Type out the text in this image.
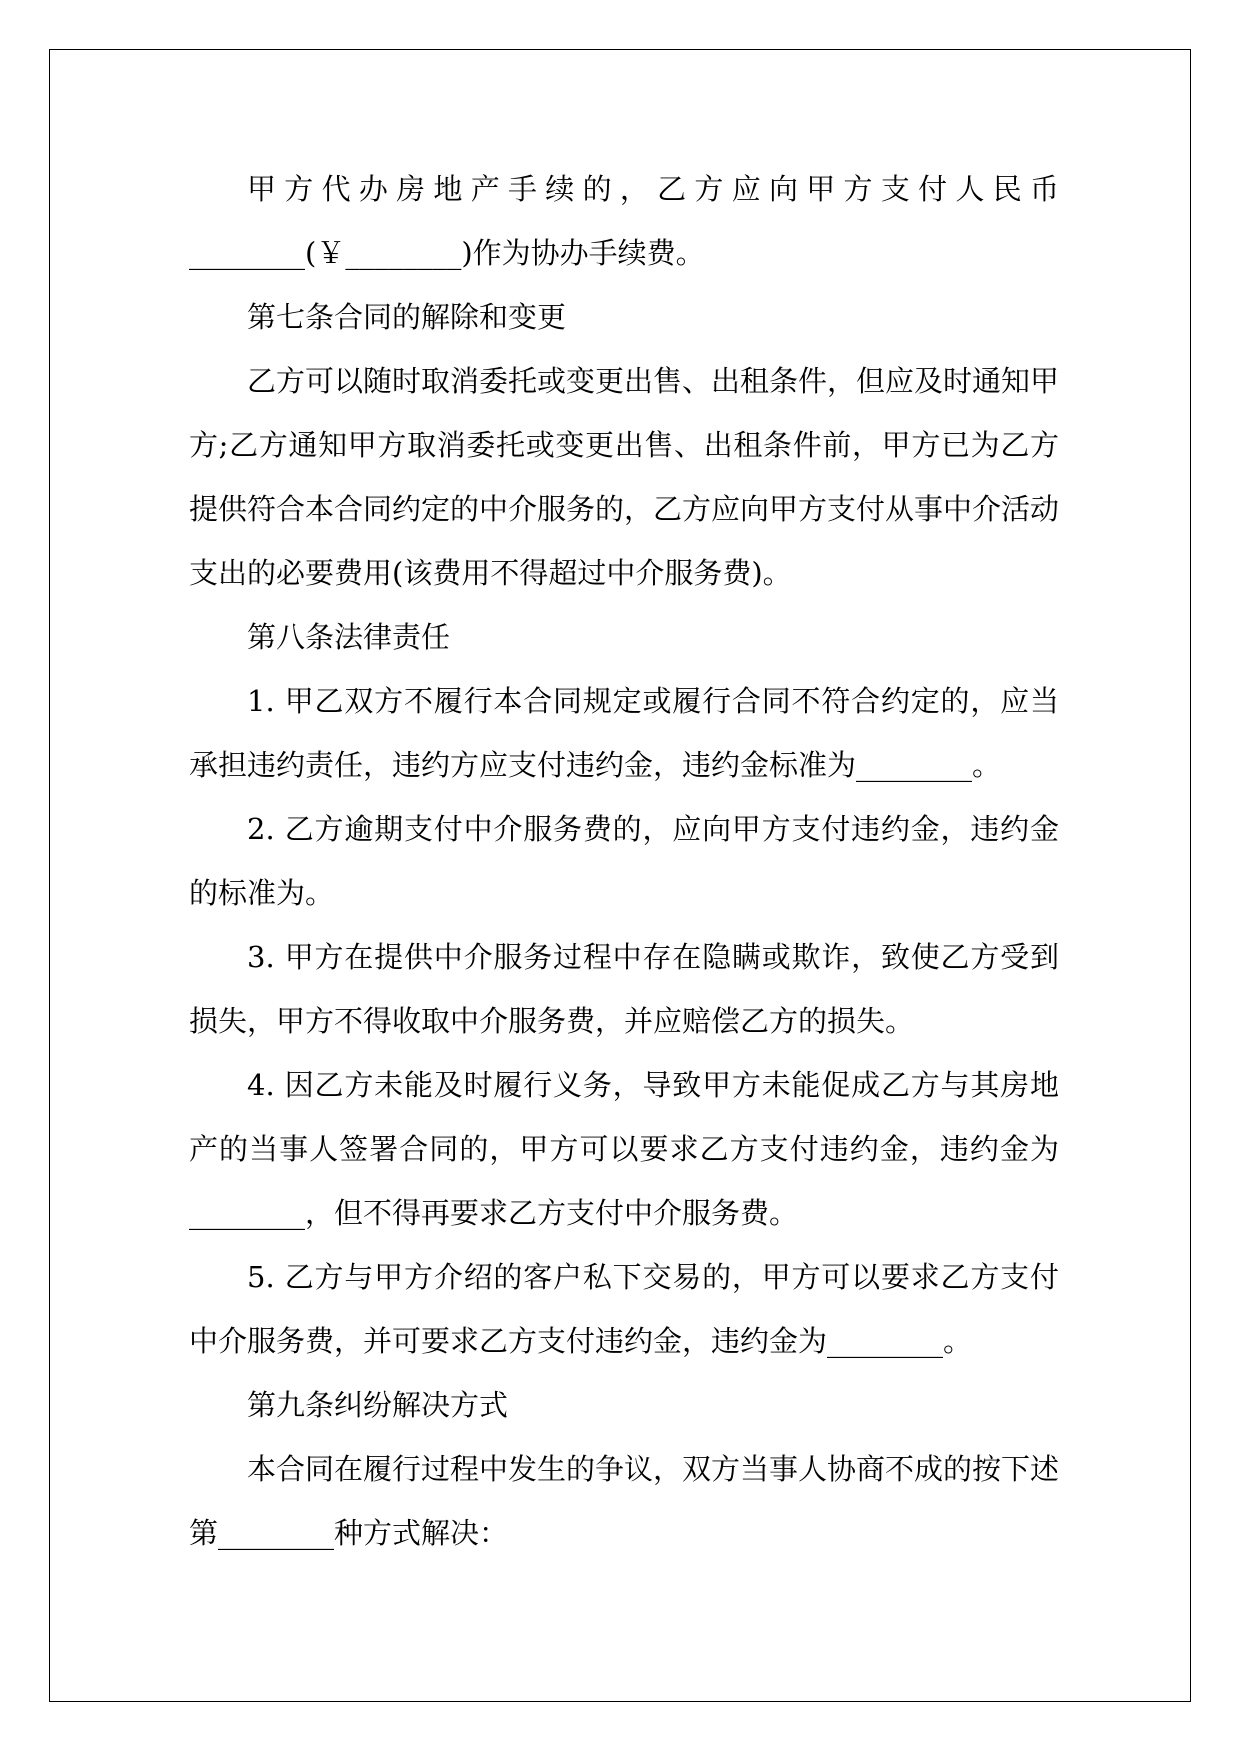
甲方代办房地产手续的，乙方应向甲方支付人民币________(￥________)作为协办手续费。

第七条合同的解除和变更

乙方可以随时取消委托或变更出售、出租条件，但应及时通知甲方;乙方通知甲方取消委托或变更出售、出租条件前，甲方已为乙方提供符合本合同约定的中介服务的，乙方应向甲方支付从事中介活动支出的必要费用(该费用不得超过中介服务费)。

第八条法律责任

1. 甲乙双方不履行本合同规定或履行合同不符合约定的，应当承担违约责任，违约方应支付违约金，违约金标准为________。

2. 乙方逾期支付中介服务费的，应向甲方支付违约金，违约金的标准为。

3. 甲方在提供中介服务过程中存在隐瞒或欺诈，致使乙方受到损失，甲方不得收取中介服务费，并应赔偿乙方的损失。

4. 因乙方未能及时履行义务，导致甲方未能促成乙方与其房地产的当事人签署合同的，甲方可以要求乙方支付违约金，违约金为________，但不得再要求乙方支付中介服务费。

5. 乙方与甲方介绍的客户私下交易的，甲方可以要求乙方支付中介服务费，并可要求乙方支付违约金，违约金为________。

第九条纠纷解决方式

本合同在履行过程中发生的争议，双方当事人协商不成的按下述第________种方式解决：
